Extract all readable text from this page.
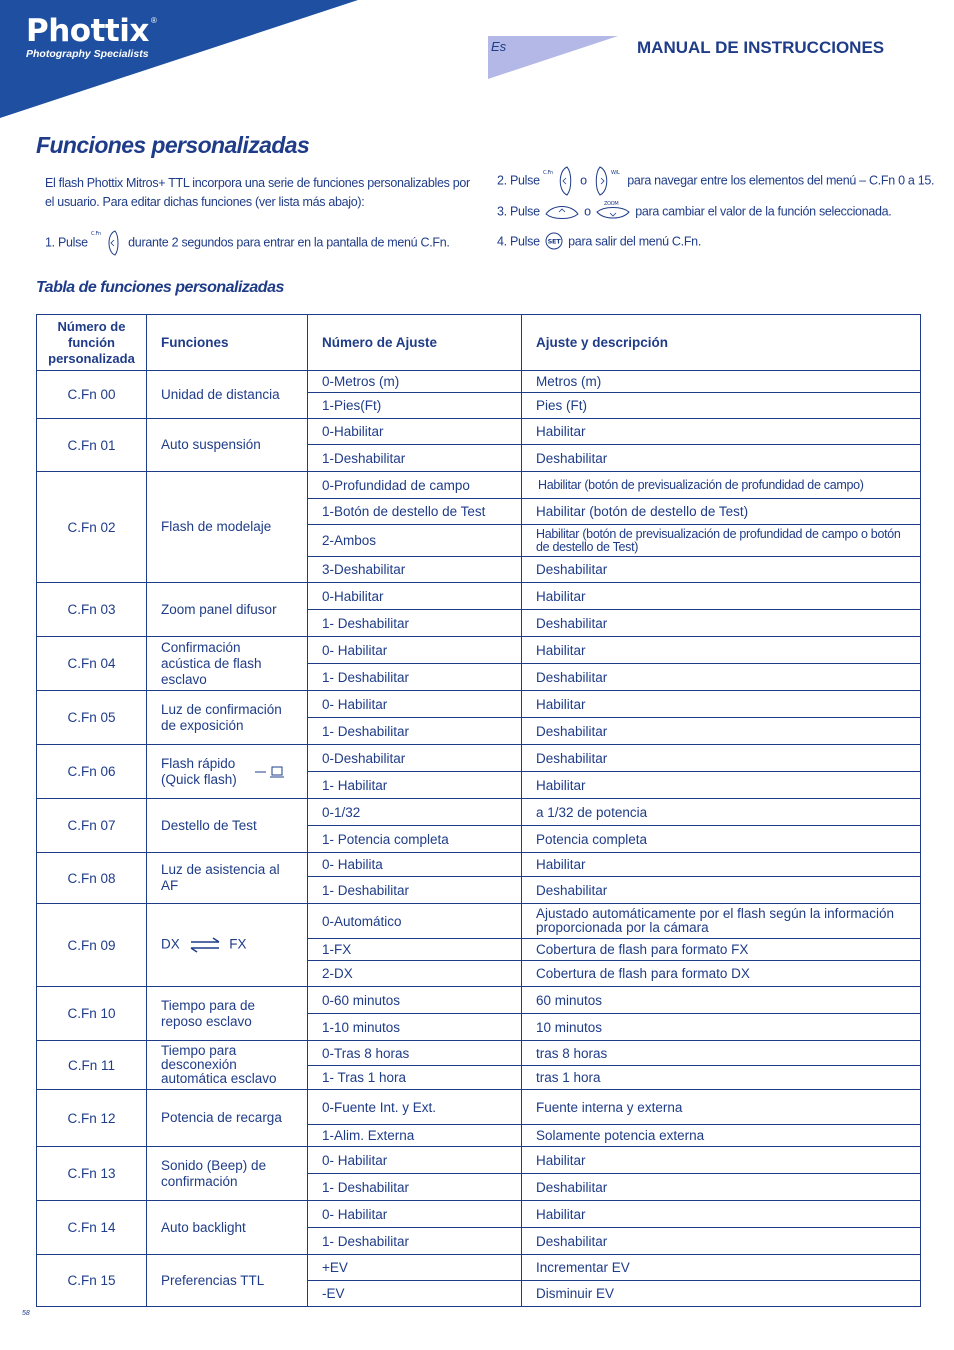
Phottix
Photography Specialists
®
Es	MANUAL DE INSTRUCCIONES
Funciones personalizadas
El flash Phottix Mitros+ TTL incorpora una serie de funciones personalizables por el usuario. Para editar dichas funciones (ver lista más abajo):
1. Pulse
C.Fn
durante 2 segundos para entrar en la pantalla de menú C.Fn.
2. Pulse
C.Fn
o
W/L
para navegar entre los elementos del menú – C.Fn 0 a 15.
3. Pulse	o
ZOOM
para cambiar el valor de la función seleccionada.
4. Pulse SET para salir del menú C.Fn.
Tabla de funciones personalizadas
Número de función personalizada	Funciones	Número de Ajuste	Ajuste y descripción
C.Fn 00	Unidad de distancia	0-Metros (m)	Metros (m)
		1-Pies(Ft)	Pies (Ft)
C.Fn 01	Auto suspensión	0-Habilitar	Habilitar
		1-Deshabilitar	Deshabilitar
C.Fn 02	Flash de modelaje	0-Profundidad de campo	Habilitar (botón de previsualización de profundidad de campo)
		1-Botón de destello de Test	Habilitar (botón de destello de Test)
		2-Ambos	Habilitar (botón de previsualización de profundidad de campo o botón de destello de Test)
		3-Deshabilitar	Deshabilitar
C.Fn 03	Zoom panel difusor	0-Habilitar	Habilitar
		1- Deshabilitar	Deshabilitar
C.Fn 04	Confirmación acústica de flash esclavo	0- Habilitar	Habilitar
		1- Deshabilitar	Deshabilitar
C.Fn 05	Luz de confirmación de exposición	0- Habilitar	Habilitar
		1- Deshabilitar	Deshabilitar
C.Fn 06	Flash rápido (Quick flash)	0-Deshabilitar	Deshabilitar
		1- Habilitar	Habilitar
C.Fn 07	Destello de Test	0-1/32	a 1/32 de potencia
		1- Potencia completa	Potencia completa
C.Fn 08	Luz de asistencia al AF	0- Habilita	Habilitar
		1- Deshabilitar	Deshabilitar
C.Fn 09	DX FX	0-Automático	Ajustado automáticamente por el flash según la información proporcionada por la cámara
		1-FX	Cobertura de flash para formato FX
		2-DX	Cobertura de flash para formato DX
C.Fn 10	Tiempo para de reposo esclavo	0-60 minutos	60 minutos
		1-10 minutos	10 minutos
C.Fn 11	Tiempo para desconexión automática esclavo	0-Tras 8 horas	tras 8 horas
		1- Tras 1 hora	tras 1 hora
C.Fn 12	Potencia de recarga	0-Fuente Int. y Ext.	Fuente interna y externa
		1-Alim. Externa	Solamente potencia externa
C.Fn 13	Sonido (Beep) de confirmación	0- Habilitar	Habilitar
		1- Deshabilitar	Deshabilitar
C.Fn 14	Auto backlight	0- Habilitar	Habilitar
		1- Deshabilitar	Deshabilitar
C.Fn 15	Preferencias TTL	+EV	Incrementar EV
		-EV	Disminuir EV
58
